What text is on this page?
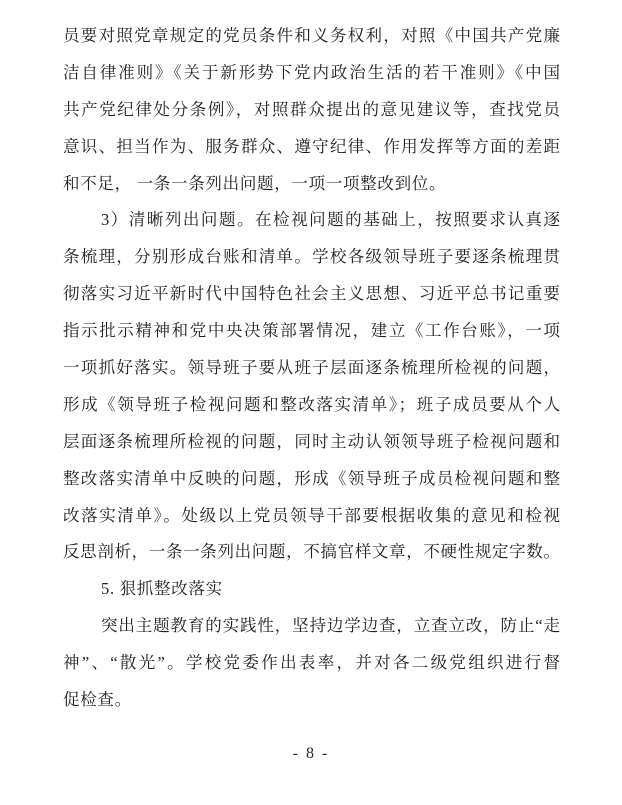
员要对照党章规定的党员条件和义务权利，对照《中国共产党廉
洁自律准则》《关于新形势下党内政治生活的若干准则》《中国
共产党纪律处分条例》，对照群众提出的意见建议等，查找党员
意识、担当作为、服务群众、遵守纪律、作用发挥等方面的差距
和不足， 一条一条列出问题，一项一项整改到位。
3）清晰列出问题。在检视问题的基础上，按照要求认真逐
条梳理，分别形成台账和清单。学校各级领导班子要逐条梳理贯
彻落实习近平新时代中国特色社会主义思想、习近平总书记重要
指示批示精神和党中央决策部署情况，建立《工作台账》，一项
一项抓好落实。领导班子要从班子层面逐条梳理所检视的问题，
形成《领导班子检视问题和整改落实清单》；班子成员要从个人
层面逐条梳理所检视的问题，同时主动认领领导班子检视问题和
整改落实清单中反映的问题，形成《领导班子成员检视问题和整
改落实清单》。处级以上党员领导干部要根据收集的意见和检视
反思剖析，一条一条列出问题，不搞官样文章，不硬性规定字数。
5. 狠抓整改落实
突出主题教育的实践性，坚持边学边查，立查立改，防止“走
神”、“散光”。学校党委作出表率，并对各二级党组织进行督
促检查。
- 8 -
